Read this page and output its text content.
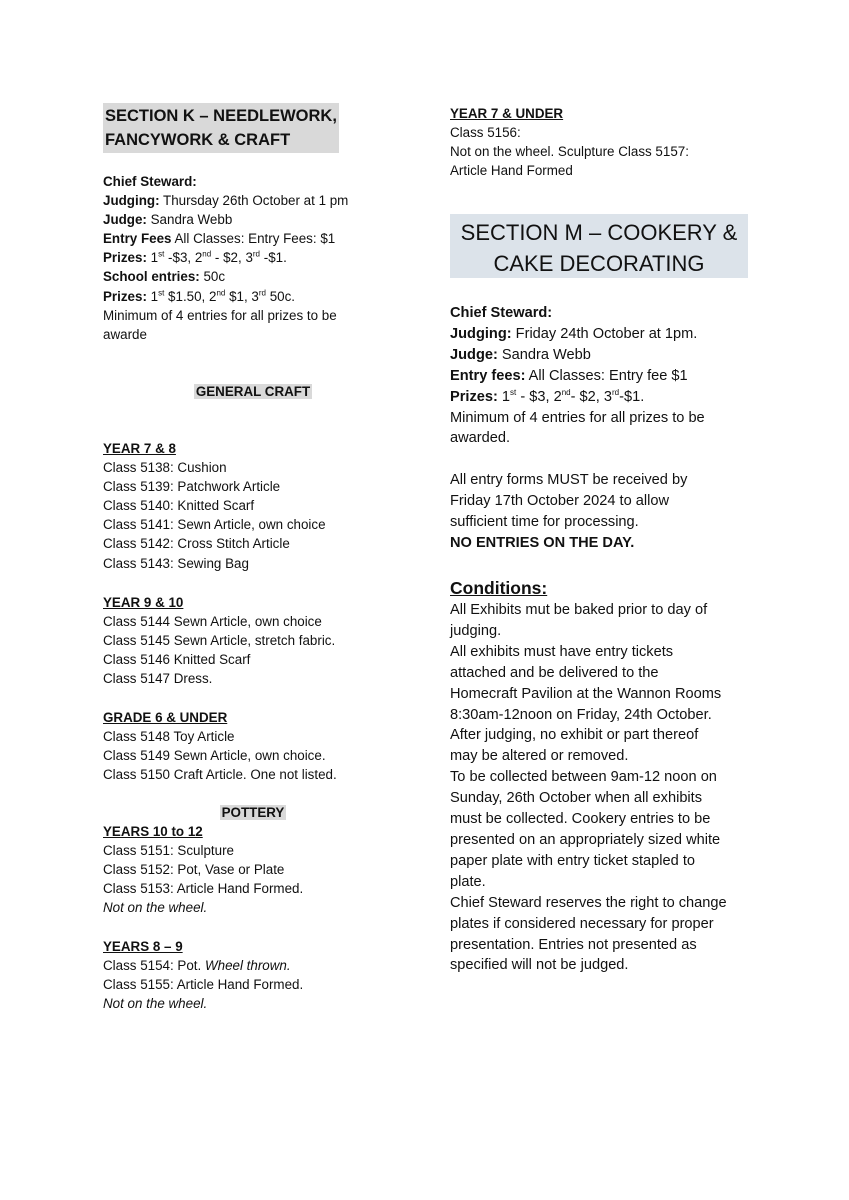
SECTION K – NEEDLEWORK,
FANCYWORK & CRAFT

Chief Steward:

Judging: Thursday 26th October at 1 pm

Judge: Sandra Webb

Entry Fees All Classes: Entry Fees: $1

Prizes: 1st -$3, 2nd - $2, 3rd -$1.

School entries: 50c

Prizes: 1st $1.50, 2nd $1, 3rd 50c.

Minimum of 4 entries for all prizes to be

awarde

GENERAL CRAFT

YEAR 7 & 8

Class 5138: Cushion

Class 5139: Patchwork Article

Class 5140: Knitted Scarf

Class 5141: Sewn Article, own choice

Class 5142: Cross Stitch Article

Class 5143: Sewing Bag

YEAR 9 & 10

Class 5144 Sewn Article, own choice

Class 5145 Sewn Article, stretch fabric.

Class 5146 Knitted Scarf

Class 5147 Dress.

GRADE 6 & UNDER

Class 5148 Toy Article

Class 5149 Sewn Article, own choice.

Class 5150 Craft Article. One not listed.

POTTERY

YEARS 10 to 12

Class 5151: Sculpture

Class 5152: Pot, Vase or Plate

Class 5153: Article Hand Formed.

Not on the wheel.

YEARS 8 – 9

Class 5154: Pot. Wheel thrown.

Class 5155: Article Hand Formed.

Not on the wheel.

YEAR 7 & UNDER

Class 5156:

Not on the wheel. Sculpture Class 5157:

Article Hand Formed

SECTION M – COOKERY &
CAKE DECORATING

Chief Steward:

Judging: Friday 24th October at 1pm.

Judge: Sandra Webb

Entry fees: All Classes: Entry fee $1

Prizes: 1st - $3, 2nd- $2, 3rd-$1.

Minimum of 4 entries for all prizes to be

awarded.

All entry forms MUST be received by

Friday 17th October 2024 to allow

sufficient time for processing.

NO ENTRIES ON THE DAY.

Conditions:

All Exhibits mut be baked prior to day of

judging.

All exhibits must have entry tickets

attached and be delivered to the

Homecraft Pavilion at the Wannon Rooms

8:30am-12noon on Friday, 24th October.

After judging, no exhibit or part thereof

may be altered or removed.

To be collected between 9am-12 noon on

Sunday, 26th October when all exhibits

must be collected. Cookery entries to be

presented on an appropriately sized white

paper plate with entry ticket stapled to

plate.

Chief Steward reserves the right to change

plates if considered necessary for proper

presentation. Entries not presented as

specified will not be judged.
